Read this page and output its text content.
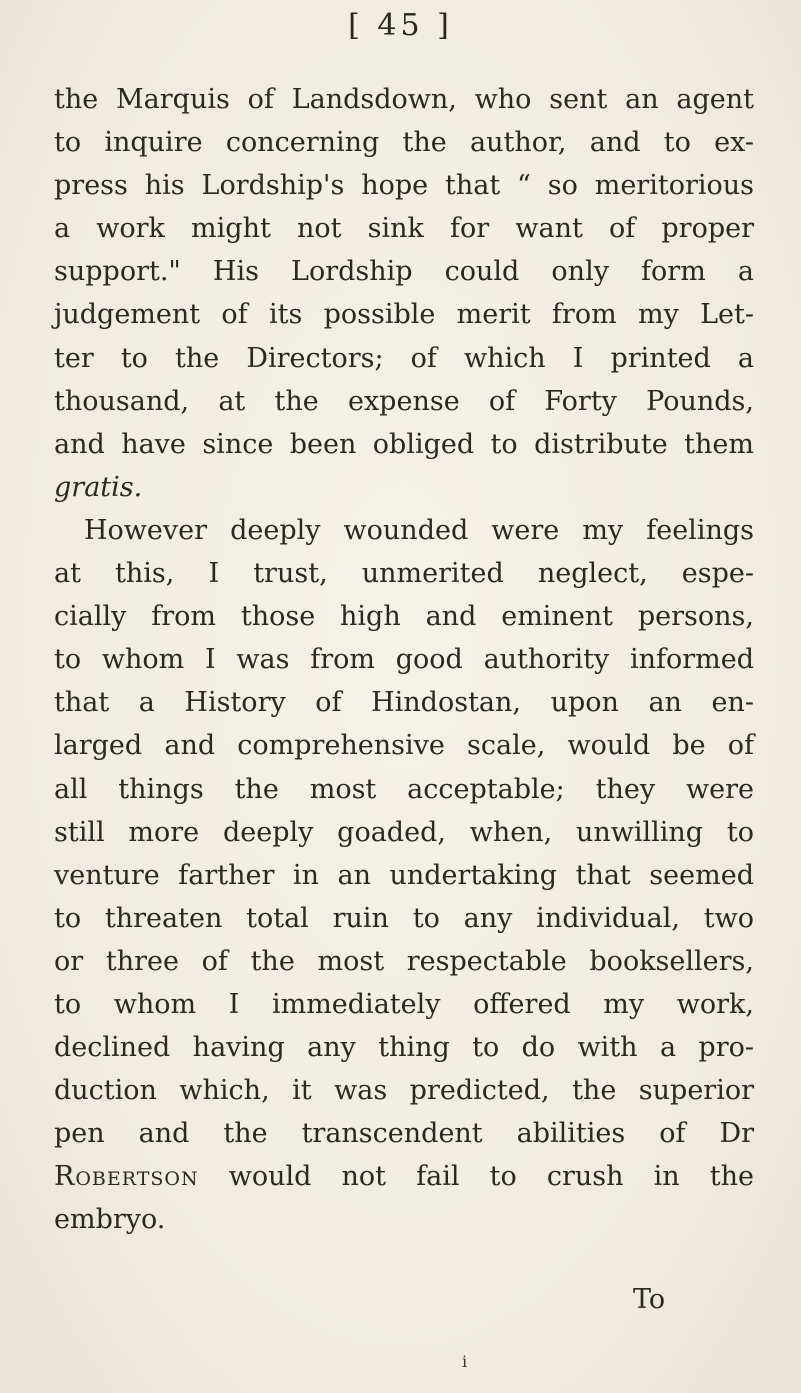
[ 45 ]
the Marquis of Landsdown, who sent an agent
to inquire concerning the author, and to ex-
press his Lordship's hope that “ so meritorious
a work might not sink for want of proper
support." His Lordship could only form a
judgement of its possible merit from my Let-
ter to the Directors; of which I printed a
thousand, at the expense of Forty Pounds,
and have since been obliged to distribute them
gratis.
However deeply wounded were my feelings
at this, I trust, unmerited neglect, espe-
cially from those high and eminent persons,
to whom I was from good authority informed
that a History of Hindostan, upon an en-
larged and comprehensive scale, would be of
all things the most acceptable; they were
still more deeply goaded, when, unwilling to
venture farther in an undertaking that seemed
to threaten total ruin to any individual, two
or three of the most respectable booksellers,
to whom I immediately offered my work,
declined having any thing to do with a pro-
duction which, it was predicted, the superior
pen and the transcendent abilities of Dr
Robertson would not fail to crush in the
embryo.
To
i
